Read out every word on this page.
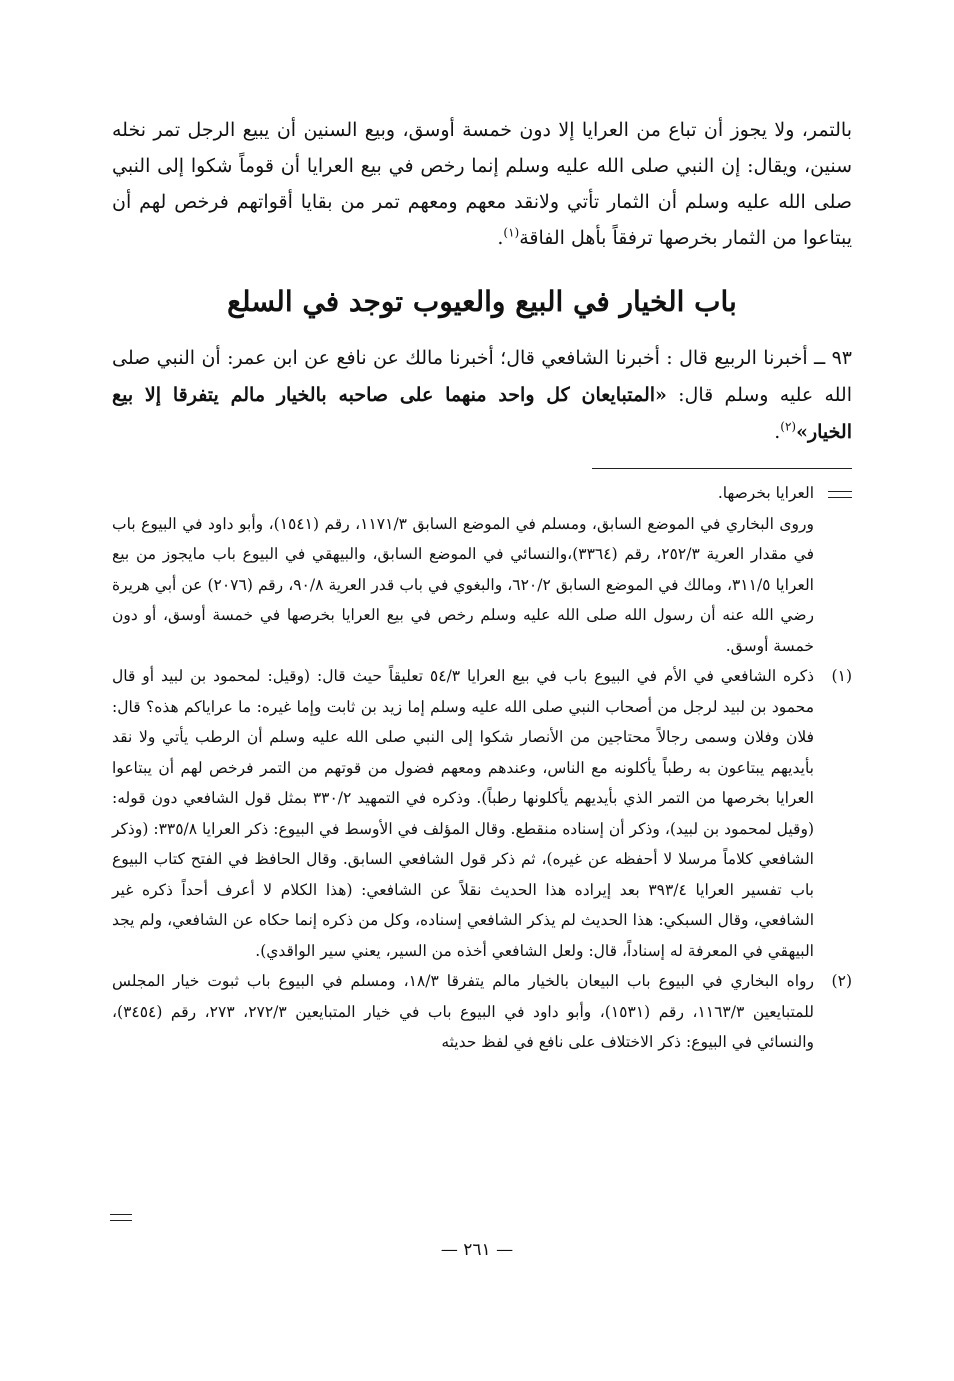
بالتمر، ولا يجوز أن تباع من العرايا إلا دون خمسة أوسق، وبيع السنين أن يبيع الرجل تمر نخله سنين، ويقال: إن النبي صلى الله عليه وسلم إنما رخص في بيع العرايا أن قوماً شكوا إلى النبي صلى الله عليه وسلم أن الثمار تأتي ولانقد معهم ومعهم تمر من بقايا أقواتهم فرخص لهم أن يبتاعوا من الثمار بخرصها ترفقاً بأهل الفاقة$^{(١)}$.

باب الخيار في البيع والعيوب توجد في السلع

٩٣ ــ أخبرنا الربيع قال : أخبرنا الشافعي قال؛ أخبرنا مالك عن نافع عن ابن عمر: أن النبي صلى الله عليه وسلم قال: «المتبايعان كل واحد منهما على صاحبه بالخيار مالم يتفرقا إلا بيع الخيار»$^{(٢)}$.

العرايا بخرصها.
وروى البخاري في الموضع السابق، ومسلم في الموضع السابق ١١٧١/٣، رقم (١٥٤١)، وأبو داود في البيوع باب في مقدار العرية ٢٥٢/٣، رقم (٣٣٦٤)،والنسائي في الموضع السابق، والبيهقي في البيوع باب مايجوز من بيع العرايا ٣١١/٥، ومالك في الموضع السابق ٦٢٠/٢، والبغوي في باب قدر العرية ٩٠/٨، رقم (٢٠٧٦) عن أبي هريرة رضي الله عنه أن رسول الله صلى الله عليه وسلم رخص في بيع العرايا بخرصها في خمسة أوسق، أو دون خمسة أوسق.
(١)
ذكره الشافعي في الأم في البيوع باب في بيع العرايا ٥٤/٣ تعليقاً حيث قال: (وقيل: لمحمود بن لبيد أو قال محمود بن لبيد لرجل من أصحاب النبي صلى الله عليه وسلم إما زيد بن ثابت وإما غيره: ما عراياكم هذه؟ قال: فلان وفلان وسمى رجالاً محتاجين من الأنصار شكوا إلى النبي صلى الله عليه وسلم أن الرطب يأتي ولا نقد بأيديهم يبتاعون به رطباً يأكلونه مع الناس، وعندهم ومعهم فضول من قوتهم من التمر فرخص لهم أن يبتاعوا العرايا بخرصها من التمر الذي بأيديهم يأكلونها رطباً). وذكره في التمهيد ٣٣٠/٢ بمثل قول الشافعي دون قوله: (وقيل لمحمود بن لبيد)، وذكر أن إسناده منقطع. وقال المؤلف في الأوسط في البيوع: ذكر العرايا ٣٣٥/٨: (وذكر الشافعي كلاماً مرسلا لا أحفظه عن غيره)، ثم ذكر قول الشافعي السابق. وقال الحافظ في الفتح كتاب البيوع باب تفسير العرايا ٣٩٣/٤ بعد إيراده هذا الحديث نقلاً عن الشافعي: (هذا الكلام لا أعرف أحداً ذكره غير الشافعي، وقال السبكي: هذا الحديث لم يذكر الشافعي إسناده، وكل من ذكره إنما حكاه عن الشافعي، ولم يجد البيهقي في المعرفة له إسناداً، قال: ولعل الشافعي أخذه من السير، يعني سير الواقدي).
(٢)
رواه البخاري في البيوع باب البيعان بالخيار مالم يتفرقا ١٨/٣، ومسلم في البيوع باب ثبوت خيار المجلس للمتبايعين ١١٦٣/٣، رقم (١٥٣١)، وأبو داود في البيوع باب في خيار المتبايعين ٢٧٢/٣، ٢٧٣، رقم (٣٤٥٤)، والنسائي في البيوع: ذكر الاختلاف على نافع في لفظ حديثه
— ٢٦١ —
